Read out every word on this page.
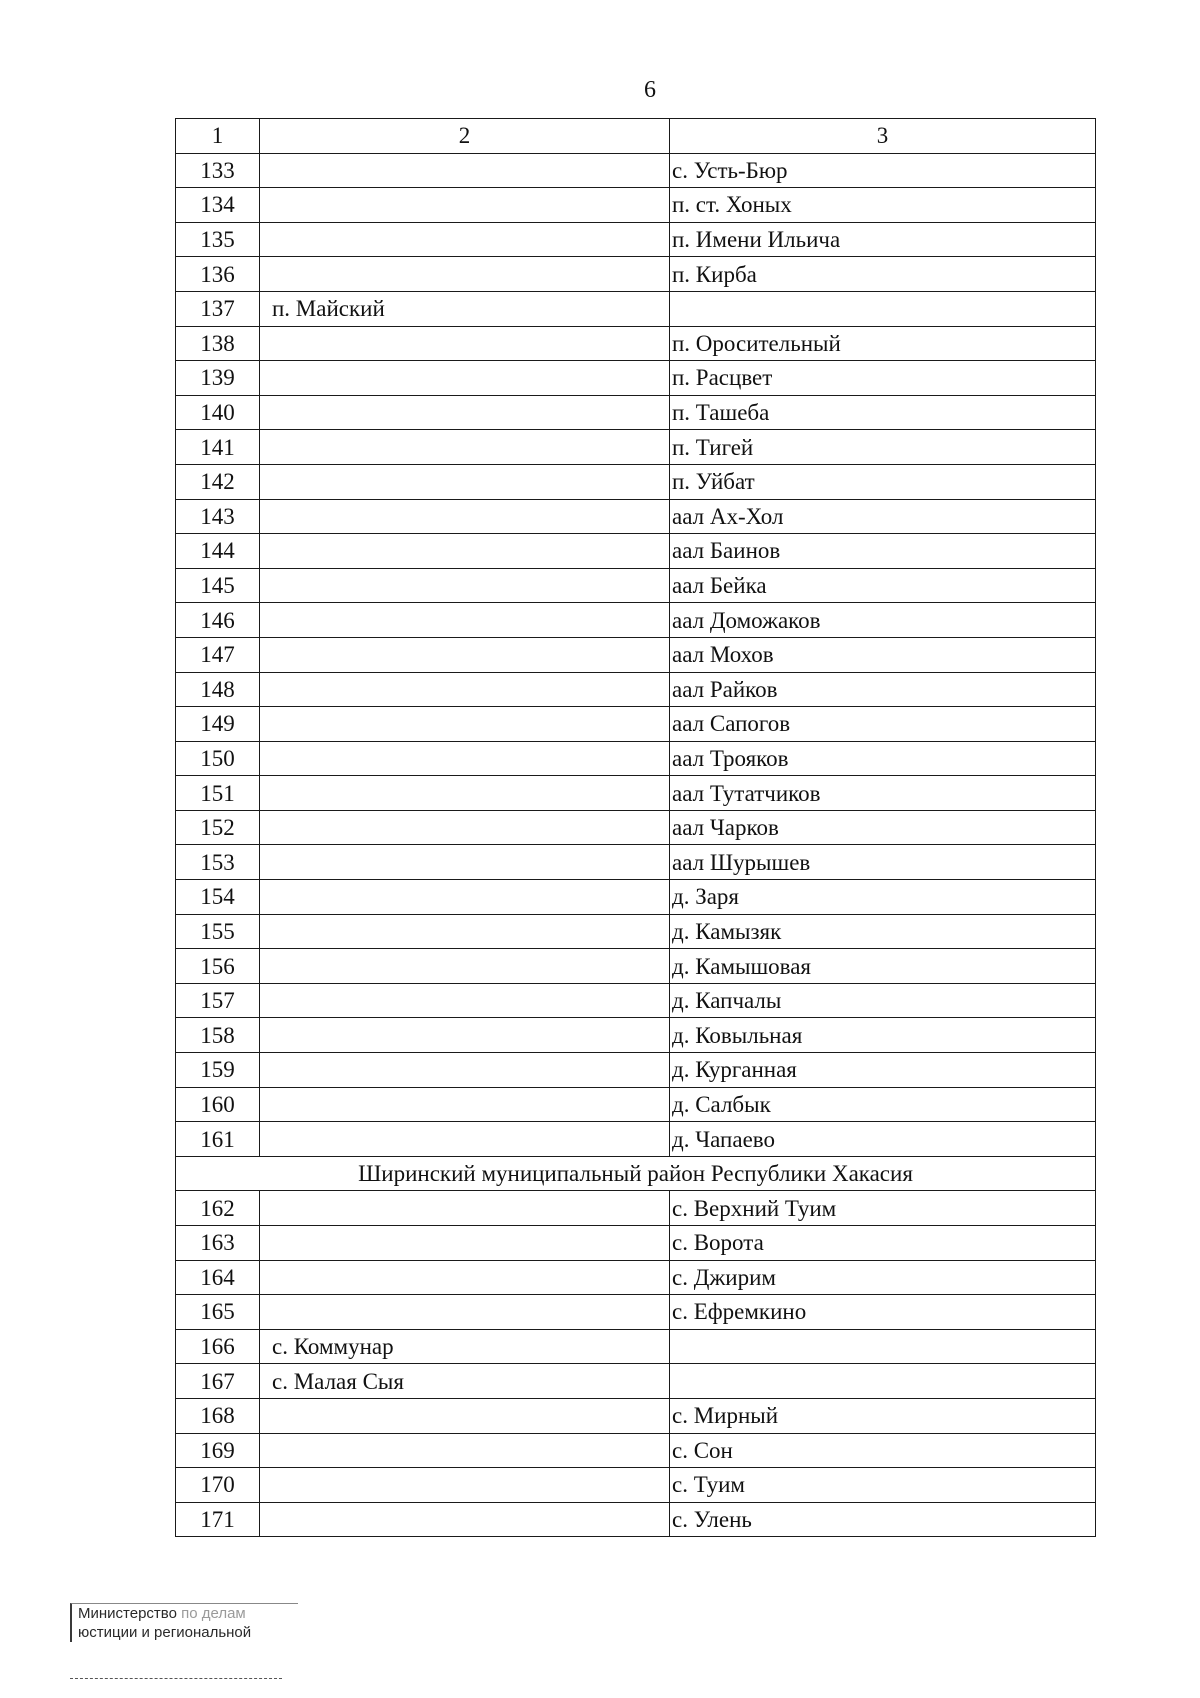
6
1	2	3
133		с. Усть-Бюр
134		п. ст. Хоных
135		п. Имени Ильича
136		п. Кирба
137	п. Майский	
138		п. Оросительный
139		п. Расцвет
140		п. Ташеба
141		п. Тигей
142		п. Уйбат
143		аал Ах-Хол
144		аал Баинов
145		аал Бейка
146		аал Доможаков
147		аал Мохов
148		аал Райков
149		аал Сапогов
150		аал Трояков
151		аал Тутатчиков
152		аал Чарков
153		аал Шурышев
154		д. Заря
155		д. Камызяк
156		д. Камышовая
157		д. Капчалы
158		д. Ковыльная
159		д. Курганная
160		д. Салбык
161		д. Чапаево
Ширинский муниципальный район Республики Хакасия		
162		с. Верхний Туим
163		с. Ворота
164		с. Джирим
165		с. Ефремкино
166	с. Коммунар	
167	с. Малая Сыя	
168		с. Мирный
169		с. Сон
170		с. Туим
171		с. Улень
Министерство по делам
юстиции и региональной
